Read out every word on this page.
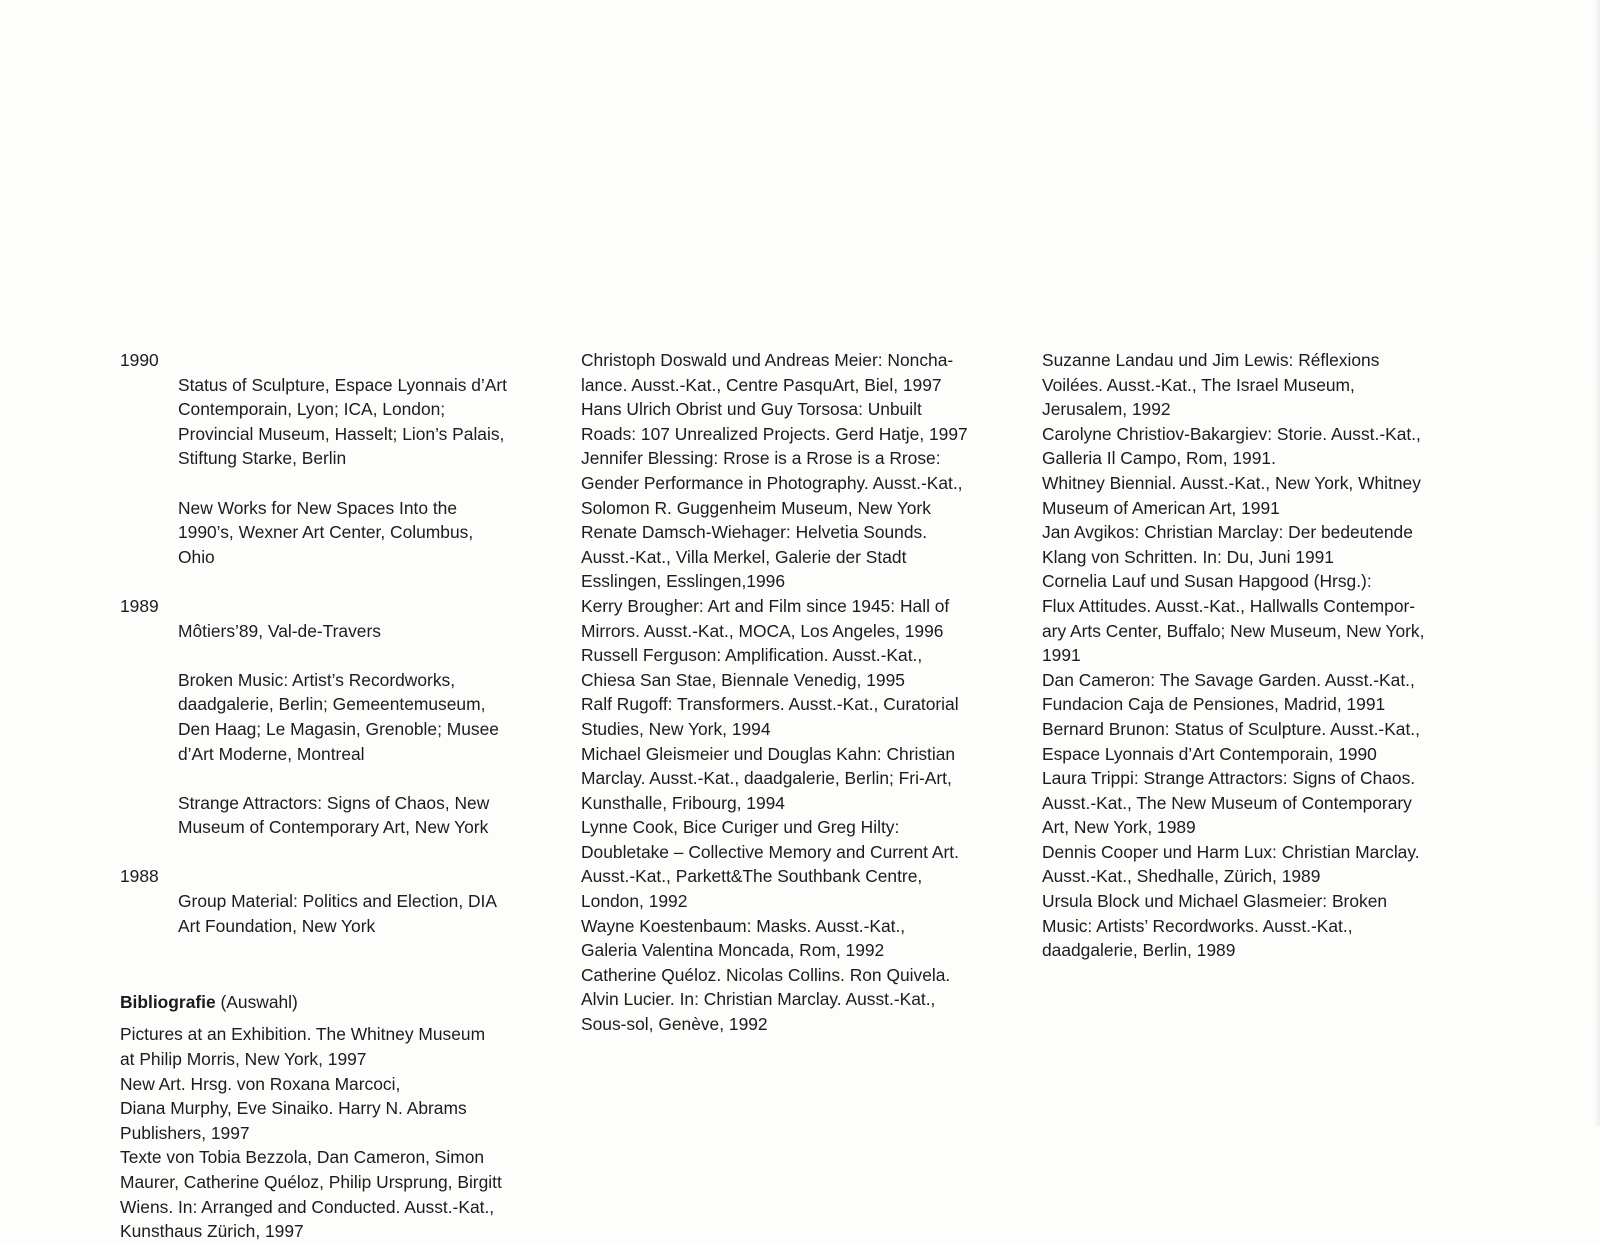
1990

Status of Sculpture, Espace Lyonnais d’Art
Contemporain, Lyon; ICA, London;
Provincial Museum, Hasselt; Lion’s Palais,
Stiftung Starke, Berlin

New Works for New Spaces Into the
1990’s, Wexner Art Center, Columbus,
Ohio

1989

Môtiers’89, Val-de-Travers

Broken Music: Artist’s Recordworks,
daadgalerie, Berlin; Gemeentemuseum,
Den Haag; Le Magasin, Grenoble; Musee
d’Art Moderne, Montreal

Strange Attractors: Signs of Chaos, New
Museum of Contemporary Art, New York

1988

Group Material: Politics and Election, DIA
Art Foundation, New York

Bibliografie (Auswahl)
Pictures at an Exhibition. The Whitney Museum
at Philip Morris, New York, 1997
New Art. Hrsg. von Roxana Marcoci,
Diana Murphy, Eve Sinaiko. Harry N. Abrams
Publishers, 1997
Texte von Tobia Bezzola, Dan Cameron, Simon
Maurer, Catherine Quéloz, Philip Ursprung, Birgitt
Wiens. In: Arranged and Conducted. Ausst.-Kat.,
Kunsthaus Zürich, 1997
Christoph Doswald und Andreas Meier: Noncha-
lance. Ausst.-Kat., Centre PasquArt, Biel, 1997
Hans Ulrich Obrist und Guy Torsosa: Unbuilt
Roads: 107 Unrealized Projects. Gerd Hatje, 1997
Jennifer Blessing: Rrose is a Rrose is a Rrose:
Gender Performance in Photography. Ausst.-Kat.,
Solomon R. Guggenheim Museum, New York
Renate Damsch-Wiehager: Helvetia Sounds.
Ausst.-Kat., Villa Merkel, Galerie der Stadt
Esslingen, Esslingen,1996
Kerry Brougher: Art and Film since 1945: Hall of
Mirrors. Ausst.-Kat., MOCA, Los Angeles, 1996
Russell Ferguson: Amplification. Ausst.-Kat.,
Chiesa San Stae, Biennale Venedig, 1995
Ralf Rugoff: Transformers. Ausst.-Kat., Curatorial
Studies, New York, 1994
Michael Gleismeier und Douglas Kahn: Christian
Marclay. Ausst.-Kat., daadgalerie, Berlin; Fri-Art,
Kunsthalle, Fribourg, 1994
Lynne Cook, Bice Curiger und Greg Hilty:
Doubletake – Collective Memory and Current Art.
Ausst.-Kat., Parkett&The Southbank Centre,
London, 1992
Wayne Koestenbaum: Masks. Ausst.-Kat.,
Galeria Valentina Moncada, Rom, 1992
Catherine Quéloz. Nicolas Collins. Ron Quivela.
Alvin Lucier. In: Christian Marclay. Ausst.-Kat.,
Sous-sol, Genève, 1992
Suzanne Landau und Jim Lewis: Réflexions
Voilées. Ausst.-Kat., The Israel Museum,
Jerusalem, 1992
Carolyne Christiov-Bakargiev: Storie. Ausst.-Kat.,
Galleria Il Campo, Rom, 1991.
Whitney Biennial. Ausst.-Kat., New York, Whitney
Museum of American Art, 1991
Jan Avgikos: Christian Marclay: Der bedeutende
Klang von Schritten. In: Du, Juni 1991
Cornelia Lauf und Susan Hapgood (Hrsg.):
Flux Attitudes. Ausst.-Kat., Hallwalls Contempor-
ary Arts Center, Buffalo; New Museum, New York,
1991
Dan Cameron: The Savage Garden. Ausst.-Kat.,
Fundacion Caja de Pensiones, Madrid, 1991
Bernard Brunon: Status of Sculpture. Ausst.-Kat.,
Espace Lyonnais d’Art Contemporain, 1990
Laura Trippi: Strange Attractors: Signs of Chaos.
Ausst.-Kat., The New Museum of Contemporary
Art, New York, 1989
Dennis Cooper und Harm Lux: Christian Marclay.
Ausst.-Kat., Shedhalle, Zürich, 1989
Ursula Block und Michael Glasmeier: Broken
Music: Artists’ Recordworks. Ausst.-Kat.,
daadgalerie, Berlin, 1989
